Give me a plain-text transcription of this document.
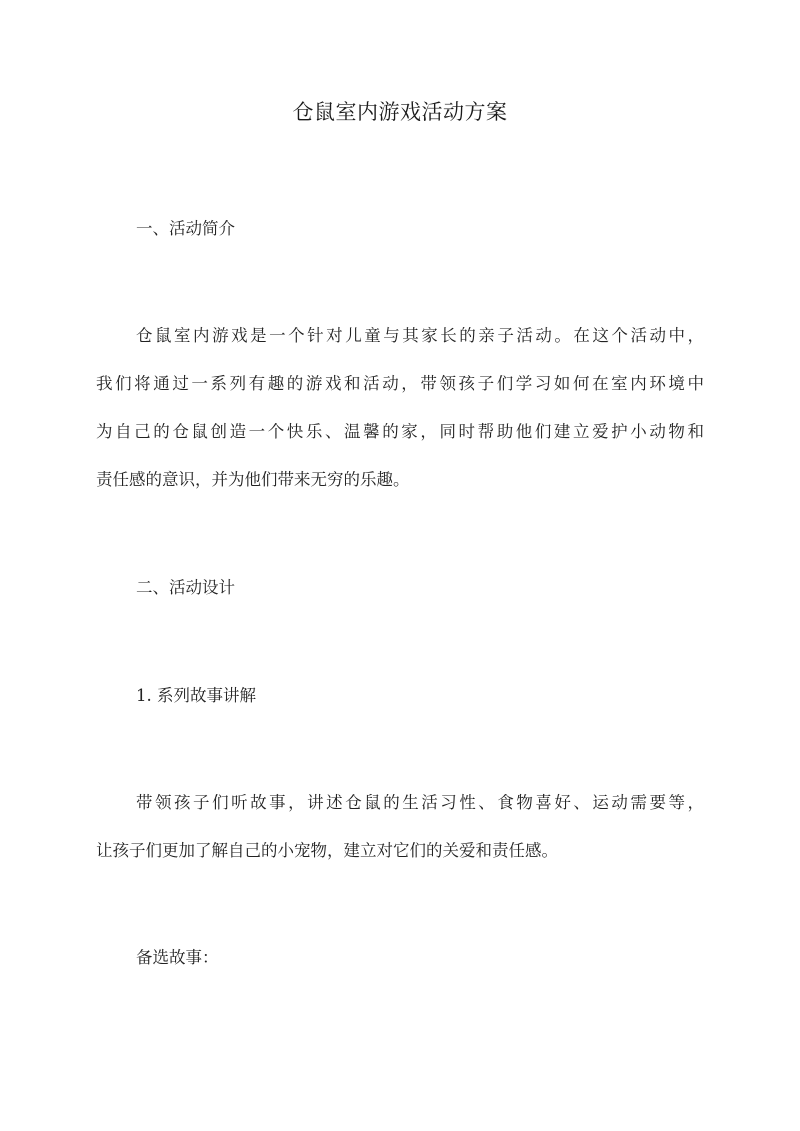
仓鼠室内游戏活动方案
一、活动简介
仓鼠室内游戏是一个针对儿童与其家长的亲子活动。在这个活动中，
我们将通过一系列有趣的游戏和活动，带领孩子们学习如何在室内环境中
为自己的仓鼠创造一个快乐、温馨的家，同时帮助他们建立爱护小动物和
责任感的意识，并为他们带来无穷的乐趣。
二、活动设计
1. 系列故事讲解
带领孩子们听故事，讲述仓鼠的生活习性、食物喜好、运动需要等，
让孩子们更加了解自己的小宠物，建立对它们的关爱和责任感。
备选故事：
